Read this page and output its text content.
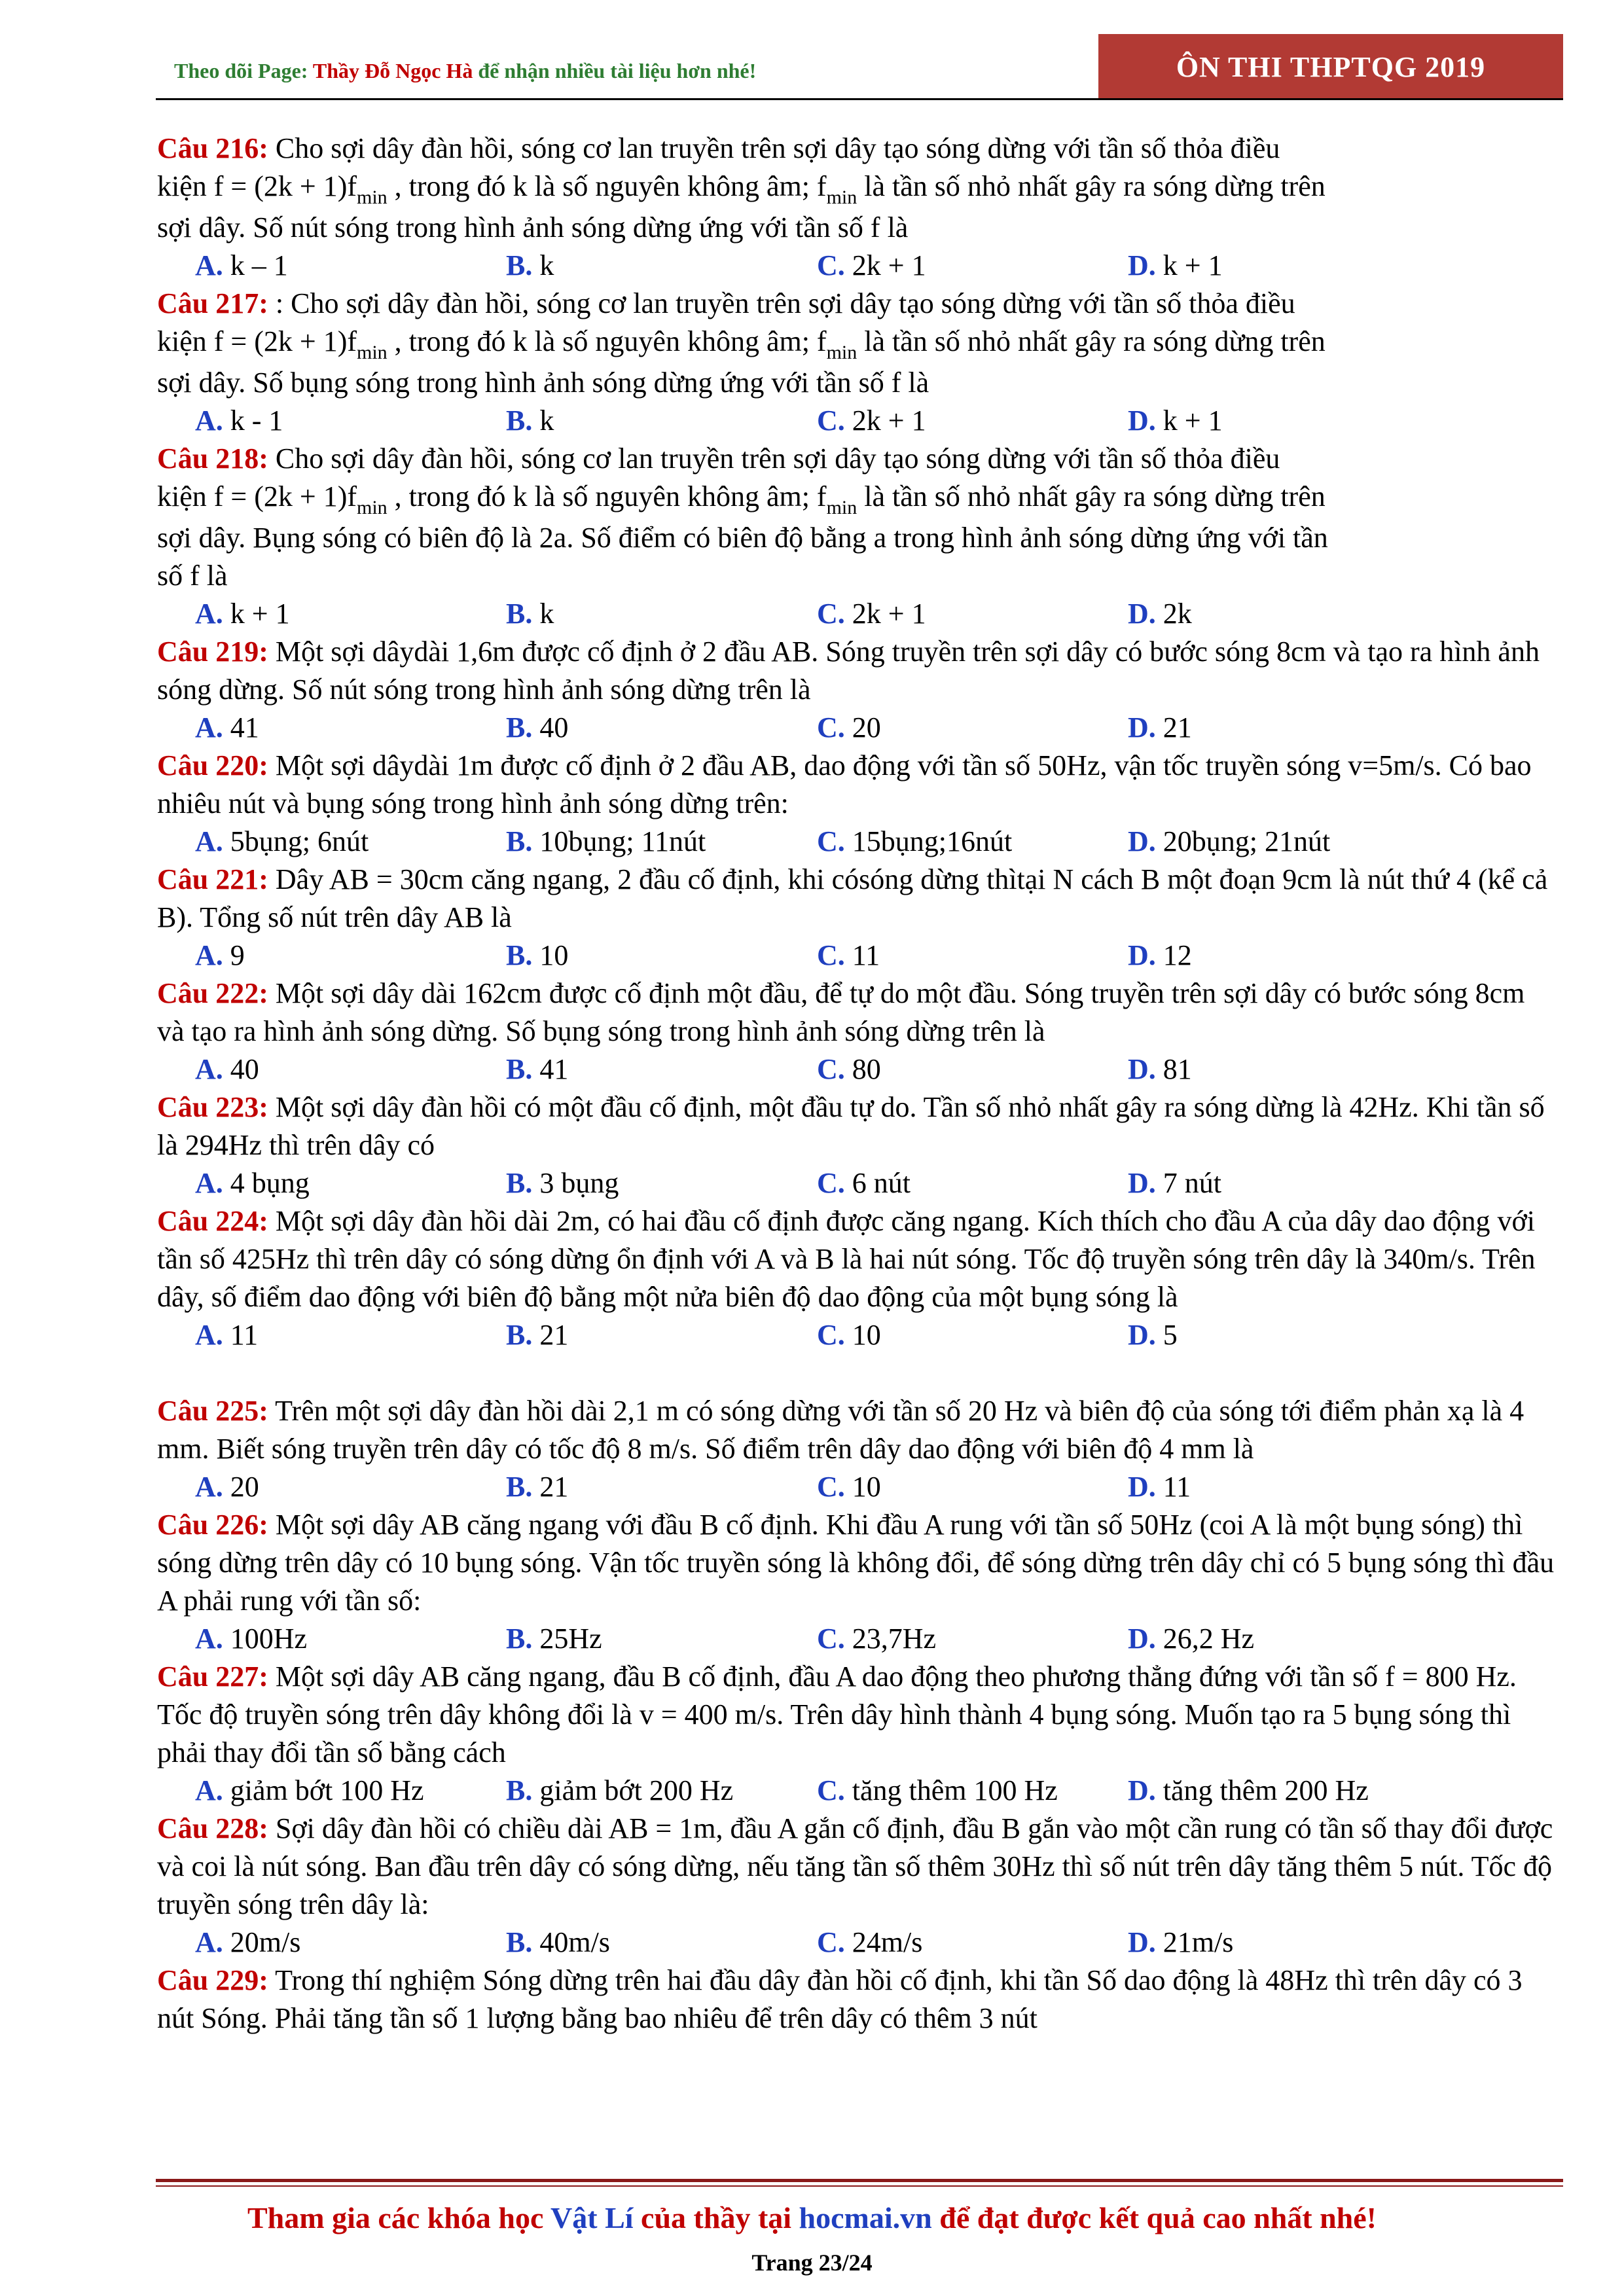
Theo dõi Page: Thầy Đỗ Ngọc Hà để nhận nhiều tài liệu hơn nhé!	ÔN THI THPTQG 2019
Câu 216: Cho sợi dây đàn hồi, sóng cơ lan truyền trên sợi dây tạo sóng dừng với tần số thỏa điều
kiện $f = (2k + 1)f_{min}$ , trong đó k là số nguyên không âm; $f_{min}$ là tần số nhỏ nhất gây ra sóng dừng trên
sợi dây. Số nút sóng trong hình ảnh sóng dừng ứng với tần số f là
A. k – 1	B. k	C. 2k + 1	D. k + 1
Câu 217: : Cho sợi dây đàn hồi, sóng cơ lan truyền trên sợi dây tạo sóng dừng với tần số thỏa điều
kiện $f = (2k + 1)f_{min}$ , trong đó k là số nguyên không âm; $f_{min}$ là tần số nhỏ nhất gây ra sóng dừng trên
sợi dây. Số bụng sóng trong hình ảnh sóng dừng ứng với tần số f là
A. k - 1	B. k	C. 2k + 1	D. k + 1
Câu 218: Cho sợi dây đàn hồi, sóng cơ lan truyền trên sợi dây tạo sóng dừng với tần số thỏa điều
kiện $f = (2k + 1)f_{min}$ , trong đó k là số nguyên không âm; $f_{min}$ là tần số nhỏ nhất gây ra sóng dừng trên
sợi dây. Bụng sóng có biên độ là 2a. Số điểm có biên độ bằng a trong hình ảnh sóng dừng ứng với tần
số f là
A. k + 1	B. k	C. 2k + 1	D. 2k
Câu 219: Một sợi dâydài 1,6m được cố định ở 2 đầu AB. Sóng truyền trên sợi dây có bước sóng 8cm và tạo ra hình ảnh sóng dừng. Số nút sóng trong hình ảnh sóng dừng trên là
A. 41	B. 40	C. 20	D. 21
Câu 220: Một sợi dâydài 1m được cố định ở 2 đầu AB, dao động với tần số 50Hz, vận tốc truyền sóng v=5m/s. Có bao nhiêu nút và bụng sóng trong hình ảnh sóng dừng trên:
A. 5bụng; 6nút	B. 10bụng; 11nút	C. 15bụng;16nút	D. 20bụng; 21nút
Câu 221: Dây AB = 30cm căng ngang, 2 đầu cố định, khi cósóng dừng thìtại N cách B một đoạn 9cm là nút thứ 4 (kể cả B). Tổng số nút trên dây AB là
A. 9	B. 10	C. 11	D. 12
Câu 222: Một sợi dây dài 162cm được cố định một đầu, để tự do một đầu. Sóng truyền trên sợi dây có bước sóng 8cm và tạo ra hình ảnh sóng dừng. Số bụng sóng trong hình ảnh sóng dừng trên là
A. 40	B. 41	C. 80	D. 81
Câu 223: Một sợi dây đàn hồi có một đầu cố định, một đầu tự do. Tần số nhỏ nhất gây ra sóng dừng là 42Hz. Khi tần số là 294Hz thì trên dây có
A. 4 bụng	B. 3 bụng	C. 6 nút	D. 7 nút
Câu 224: Một sợi dây đàn hồi dài 2m, có hai đầu cố định được căng ngang. Kích thích cho đầu A của dây dao động với tần số 425Hz thì trên dây có sóng dừng ổn định với A và B là hai nút sóng. Tốc độ truyền sóng trên dây là 340m/s. Trên dây, số điểm dao động với biên độ bằng một nửa biên độ dao động của một bụng sóng là
A. 11	B. 21	C. 10	D. 5
Câu 225: Trên một sợi dây đàn hồi dài 2,1 m có sóng dừng với tần số 20 Hz và biên độ của sóng tới điểm phản xạ là 4 mm. Biết sóng truyền trên dây có tốc độ 8 m/s. Số điểm trên dây dao động với biên độ 4 mm là
A. 20	B. 21	C. 10	D. 11
Câu 226: Một sợi dây AB căng ngang với đầu B cố định. Khi đầu A rung với tần số 50Hz (coi A là một bụng sóng) thì sóng dừng trên dây có 10 bụng sóng. Vận tốc truyền sóng là không đổi, để sóng dừng trên dây chỉ có 5 bụng sóng thì đầu A phải rung với tần số:
A. 100Hz	B. 25Hz	C. 23,7Hz	D. 26,2 Hz
Câu 227: Một sợi dây AB căng ngang, đầu B cố định, đầu A dao động theo phương thẳng đứng với tần số f = 800 Hz. Tốc độ truyền sóng trên dây không đổi là v = 400 m/s. Trên dây hình thành 4 bụng sóng. Muốn tạo ra 5 bụng sóng thì phải thay đổi tần số bằng cách
A. giảm bớt 100 Hz	B. giảm bớt 200 Hz	C. tăng thêm 100 Hz	D. tăng thêm 200 Hz
Câu 228: Sợi dây đàn hồi có chiều dài AB = 1m, đầu A gắn cố định, đầu B gắn vào một cần rung có tần số thay đổi được và coi là nút sóng. Ban đầu trên dây có sóng dừng, nếu tăng tần số thêm 30Hz thì số nút trên dây tăng thêm 5 nút. Tốc độ truyền sóng trên dây là:
A. 20m/s	B. 40m/s	C. 24m/s	D. 21m/s
Câu 229: Trong thí nghiệm Sóng dừng trên hai đầu dây đàn hồi cố định, khi tần Số dao động là 48Hz thì trên dây có 3 nút Sóng. Phải tăng tần số 1 lượng bằng bao nhiêu để trên dây có thêm 3 nút
Tham gia các khóa học Vật Lí của thầy tại hocmai.vn để đạt được kết quả cao nhất nhé!
Trang 23/24
